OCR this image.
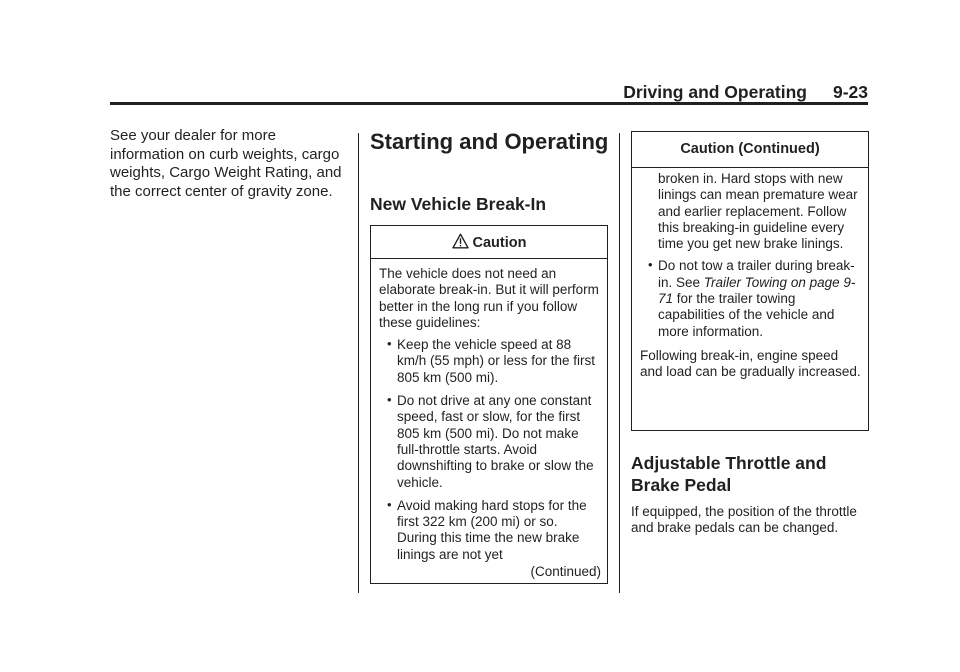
Driving and Operating 9-23
See your dealer for more information on curb weights, cargo weights, Cargo Weight Rating, and the correct center of gravity zone.
Starting and Operating
New Vehicle Break-In
Caution

The vehicle does not need an elaborate break-in. But it will perform better in the long run if you follow these guidelines:

• Keep the vehicle speed at 88 km/h (55 mph) or less for the first 805 km (500 mi).
• Do not drive at any one constant speed, fast or slow, for the first 805 km (500 mi). Do not make full-throttle starts. Avoid downshifting to brake or slow the vehicle.
• Avoid making hard stops for the first 322 km (200 mi) or so. During this time the new brake linings are not yet
(Continued)
Caution (Continued)

broken in. Hard stops with new linings can mean premature wear and earlier replacement. Follow this breaking-in guideline every time you get new brake linings.

• Do not tow a trailer during break-in. See Trailer Towing on page 9-71 for the trailer towing capabilities of the vehicle and more information.

Following break-in, engine speed and load can be gradually increased.

Adjustable Throttle and Brake Pedal
If equipped, the position of the throttle and brake pedals can be changed.
